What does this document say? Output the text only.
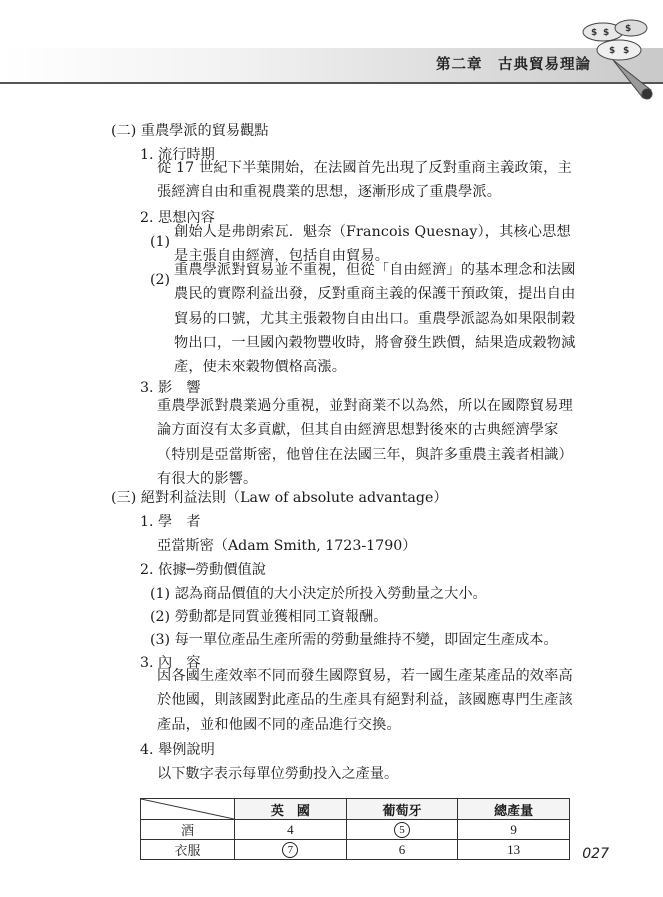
第二章　古典貿易理論
$ $ $
$ $
(二) 重農學派的貿易觀點
1. 流行時期
從 17 世紀下半葉開始，在法國首先出現了反對重商主義政策，主張經濟自由和重視農業的思想，逐漸形成了重農學派。
2. 思想內容
(1)
創始人是弗朗索瓦．魁奈（Francois Quesnay），其核心思想是主張自由經濟，包括自由貿易。
(2)
重農學派對貿易並不重視，但從「自由經濟」的基本理念和法國農民的實際利益出發，反對重商主義的保護干預政策，提出自由貿易的口號，尤其主張穀物自由出口。重農學派認為如果限制穀物出口，一旦國內穀物豐收時，將會發生跌價，結果造成穀物減產，使未來穀物價格高漲。
3. 影　響
重農學派對農業過分重視，並對商業不以為然，所以在國際貿易理論方面沒有太多貢獻，但其自由經濟思想對後來的古典經濟學家（特別是亞當斯密，他曾住在法國三年，與許多重農主義者相識）有很大的影響。
(三) 絕對利益法則（Law of absolute advantage）
1. 學　者
亞當斯密（Adam Smith, 1723-1790）
2. 依據─勞動價值說
(1) 認為商品價值的大小決定於所投入勞動量之大小。
(2) 勞動都是同質並獲相同工資報酬。
(3) 每一單位產品生產所需的勞動量維持不變，即固定生產成本。
3. 內　容
因各國生產效率不同而發生國際貿易，若一國生產某產品的效率高於他國，則該國對此產品的生產具有絕對利益，該國應專門生產該產品，並和他國不同的產品進行交換。
4. 舉例說明
以下數字表示每單位勞動投入之產量。
	英　國	葡萄牙	總產量
酒	4	5	9
衣服	7	6	13	027
